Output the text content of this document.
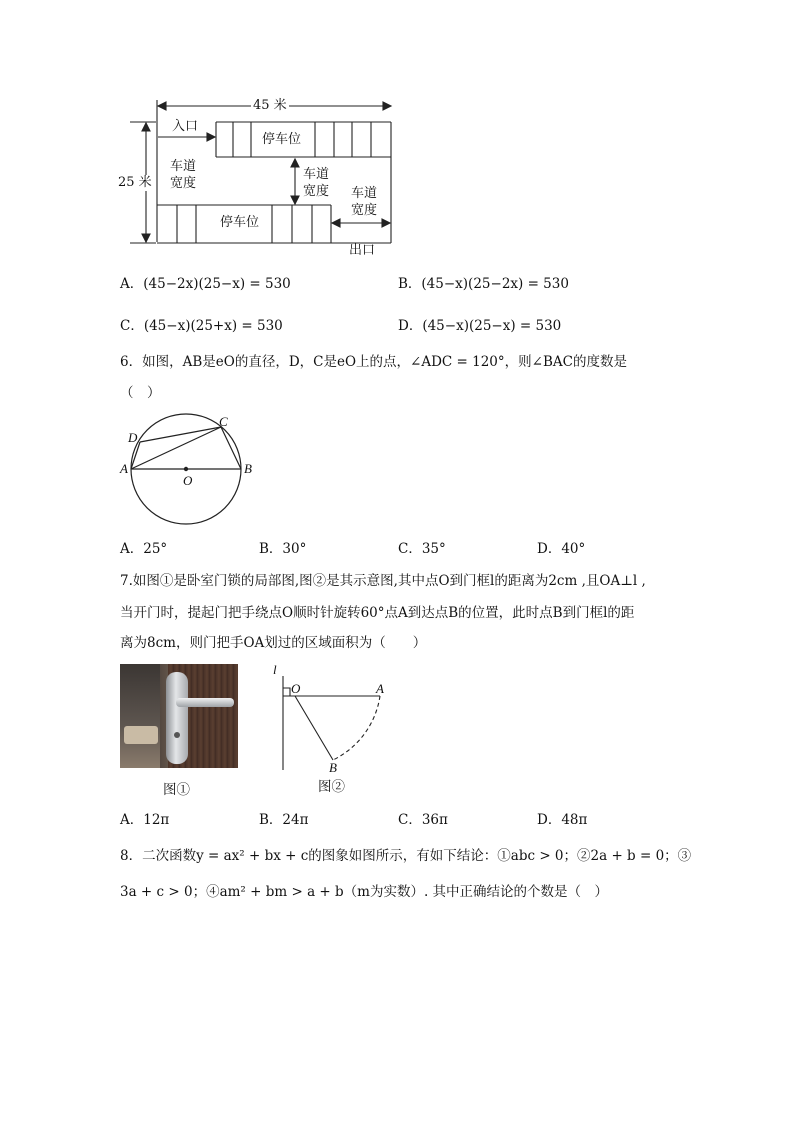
45 米
25 米
入口
停车位
车道
宽度
车道
宽度 车道
宽度
停车位
出口
A．(45−2x)(25−x) = 530	B．(45−x)(25−2x) = 530
C．(45−x)(25+x) = 530	D．(45−x)(25−x) = 530
6．如图，AB是eO的直径，D，C是eO上的点，∠ADC = 120°，则∠BAC的度数是
（　）
A	B
C
D
O
A．25°	B．30°	C．35°	D．40°
7.如图①是卧室门锁的局部图,图②是其示意图,其中点O到门框l的距离为2cm ,且OA⊥l ,
当开门时，提起门把手绕点O顺时针旋转60°点A到达点B的位置，此时点B到门框l的距
离为8cm，则门把手OA划过的区域面积为（　　）
图①
l
O	A
B
图②
A．12π	B．24π	C．36π	D．48π
8．二次函数y = ax² + bx + c的图象如图所示，有如下结论：①abc > 0；②2a + b = 0；③
3a + c > 0；④am² + bm > a + b（m为实数）. 其中正确结论的个数是（　）
